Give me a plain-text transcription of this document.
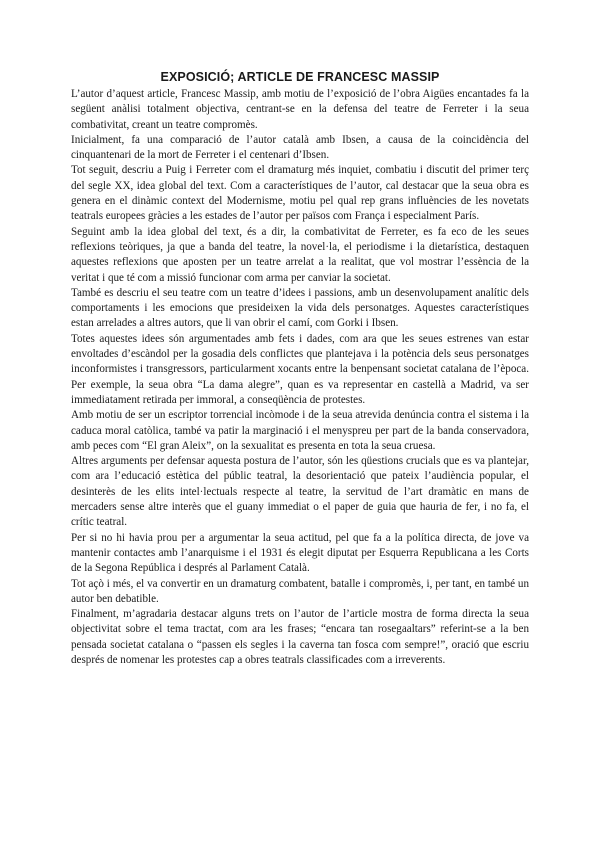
EXPOSICIÓ; ARTICLE DE FRANCESC MASSIP

L’autor d’aquest article, Francesc Massip, amb motiu de l’exposició de l’obra Aigües encantades fa la següent anàlisi totalment objectiva, centrant-se en la defensa del teatre de Ferreter i la seua combativitat, creant un teatre compromès.

Inicialment, fa una comparació de l’autor català amb Ibsen, a causa de la coincidència del cinquantenari de la mort de Ferreter i el centenari d’Ibsen.

Tot seguit, descriu a Puig i Ferreter com el dramaturg més inquiet, combatiu i discutit del primer terç del segle XX, idea global del text. Com a característiques de l’autor, cal destacar que la seua obra es genera en el dinàmic context del Modernisme, motiu pel qual rep grans influències de les novetats teatrals europees gràcies a les estades de l’autor per països com França i especialment París.

Seguint amb la idea global del text, és a dir, la combativitat de Ferreter, es fa eco de les seues reflexions teòriques, ja que a banda del teatre, la novel·la, el periodisme i la dietarística, destaquen aquestes reflexions que aposten per un teatre arrelat a la realitat, que vol mostrar l’essència de la veritat i que té com a missió funcionar com arma per canviar la societat.

També es descriu el seu teatre com un teatre d’idees i passions, amb un desenvolupament analític dels comportaments i les emocions que presideixen la vida dels personatges. Aquestes característiques estan arrelades a altres autors, que li van obrir el camí, com Gorki i Ibsen.

Totes aquestes idees són argumentades amb fets i dades, com ara que les seues estrenes van estar envoltades d’escàndol per la gosadia dels conflictes que plantejava i la potència dels seus personatges inconformistes i transgressors, particularment xocants entre la benpensant societat catalana de l’època. Per exemple, la seua obra “La dama alegre”, quan es va representar en castellà a Madrid, va ser immediatament retirada per immoral, a conseqüència de protestes.

Amb motiu de ser un escriptor torrencial incòmode i de la seua atrevida denúncia contra el sistema i la caduca moral catòlica, també va patir la marginació i el menyspreu per part de la banda conservadora, amb peces com “El gran Aleix”, on la sexualitat es presenta en tota la seua cruesa.

Altres arguments per defensar aquesta postura de l’autor, són les qüestions crucials que es va plantejar, com ara l’educació estètica del públic teatral, la desorientació que pateix l’audiència popular, el desinterès de les elits intel·lectuals respecte al teatre, la servitud de l’art dramàtic en mans de mercaders sense altre interès que el guany immediat o el paper de guia que hauria de fer, i no fa, el crític teatral.

Per si no hi havia prou per a argumentar la seua actitud, pel que fa a la política directa, de jove va mantenir contactes amb l’anarquisme i el 1931 és elegit diputat per Esquerra Republicana a les Corts de la Segona República i després al Parlament Català.

Tot açò i més, el va convertir en un dramaturg combatent, batalle i compromès, i, per tant, en també un autor ben debatible.

Finalment, m’agradaria destacar alguns trets on l’autor de l’article mostra de forma directa la seua objectivitat sobre el tema tractat, com ara les frases; “encara tan rosegaaltars” referint-se a la ben pensada societat catalana o “passen els segles i la caverna tan fosca com sempre!”, oració que escriu després de nomenar les protestes cap a obres teatrals classificades com a irreverents.
